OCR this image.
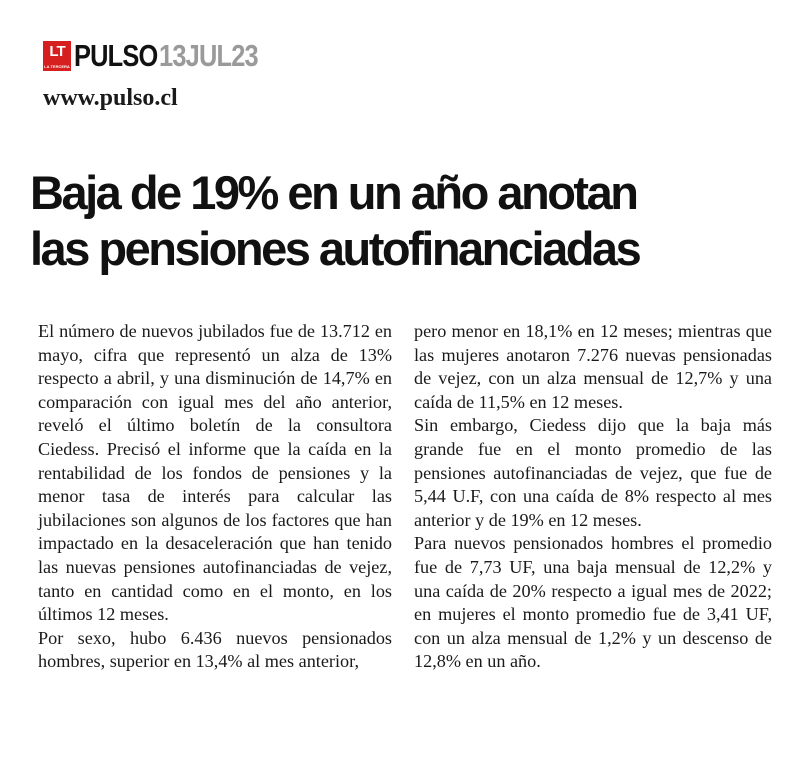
LT
LA TERCERA PULSO 13JUL23
www.pulso.cl
Baja de 19% en un año anotan
las pensiones autofinanciadas

El número de nuevos jubilados fue de 13.712 en mayo, cifra que representó un alza de 13% respecto a abril, y una disminución de 14,7% en comparación con igual mes del año anterior, reveló el último boletín de la consultora Ciedess. Precisó el informe que la caída en la rentabilidad de los fondos de pensiones y la menor tasa de interés para calcular las jubilaciones son algunos de los factores que han impactado en la desaceleración que han tenido las nuevas pensiones autofinanciadas de vejez, tanto en cantidad como en el monto, en los últimos 12 meses.

Por sexo, hubo 6.436 nuevos pensionados hombres, superior en 13,4% al mes anterior,

pero menor en 18,1% en 12 meses; mientras que las mujeres anotaron 7.276 nuevas pensionadas de vejez, con un alza mensual de 12,7% y una caída de 11,5% en 12 meses.

Sin embargo, Ciedess dijo que la baja más grande fue en el monto promedio de las pensiones autofinanciadas de vejez, que fue de 5,44 U.F, con una caída de 8% respecto al mes anterior y de 19% en 12 meses.

Para nuevos pensionados hombres el promedio fue de 7,73 UF, una baja mensual de 12,2% y una caída de 20% respecto a igual mes de 2022; en mujeres el monto promedio fue de 3,41 UF, con un alza mensual de 1,2% y un descenso de 12,8% en un año.
